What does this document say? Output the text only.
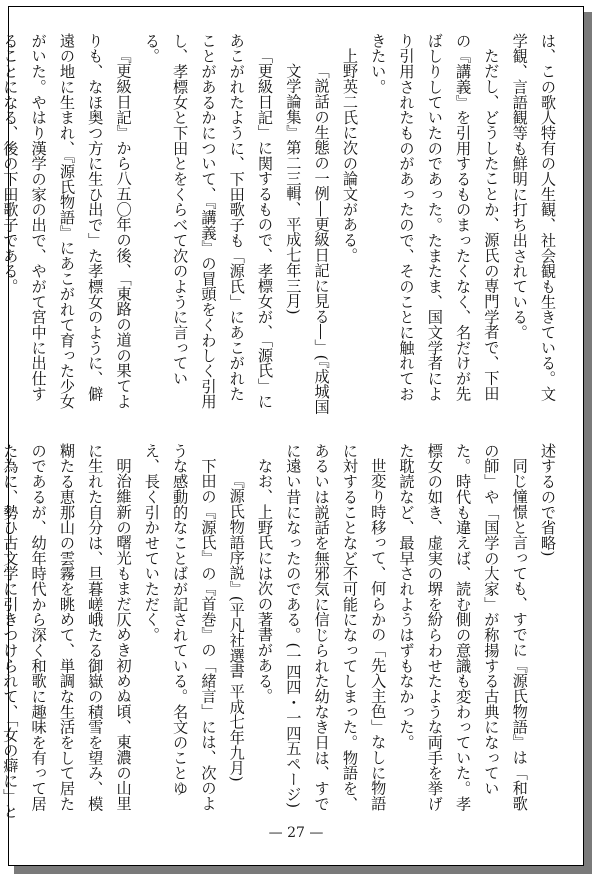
は、この歌人特有の人生観、社会観も生きている。文学観、言語観等も鮮明に打ち出されている。

ただし、どうしたことか、源氏の専門学者で、下田の『講義』を引用するものまったくなく、名だけが先ばしりしていたのであった。たまたま、国文学者により引用されたものがあったので、そのことに触れておきたい。

上野英二氏に次の論文がある。

「説話の生態の一例―更級日記に見る―」(『成城国文学論集』第二三輯、平成七年三月)

「更級日記」に関するもので、孝標女が、「源氏」にあこがれたように、下田歌子も「源氏」にあこがれたことがあるかについて、『講義』の冒頭をくわしく引用し、孝標女と下田とをくらべて次のように言っている。

『更級日記』から八五〇年の後、「東路の道の果てよりも、なほ奥つ方に生ひ出で」た孝標女のように、僻遠の地に生まれ、『源氏物語』にあこがれて育った少女がいた。やはり漢学の家の出で、やがて宮中に出仕することになる、後の下田歌子である。

述するので省略)

同じ憧憬と言っても、すでに『源氏物語』は「和歌の師」や「国学の大家」が称揚する古典になっていた。時代も違えば、読む側の意識も変わっていた。孝標女の如き、虚実の堺を紛らわせたような両手を挙げた耽読など、最早されようはずもなかった。

世変り時移って、何らかの「先入主色」なしに物語に対することなど不可能になってしまった。物語を、あるいは説話を無邪気に信じられた幼なき日は、すでに遠い昔になったのである。(一四四・一四五ページ)

なお、上野氏には次の著書がある。

『源氏物語序説』(平凡社選書 平成七年九月)

下田の『源氏』の『首巻』の「緒言」には、次のような感動的なことばが記されている。名文のことゆえ、長く引かせていただく。

明治維新の曙光もまだ仄めき初めぬ頃、東濃の山里に生れた自分は、旦暮嵯峨たる御嶽の積雪を望み、模糊たる恵那山の雲霧を眺めて、単調な生活をして居たのであるが、幼年時代から深く和歌に趣味を有って居た為に、勢ひ古文学に引きつけられて、「女の癖に」と

— 27 —
